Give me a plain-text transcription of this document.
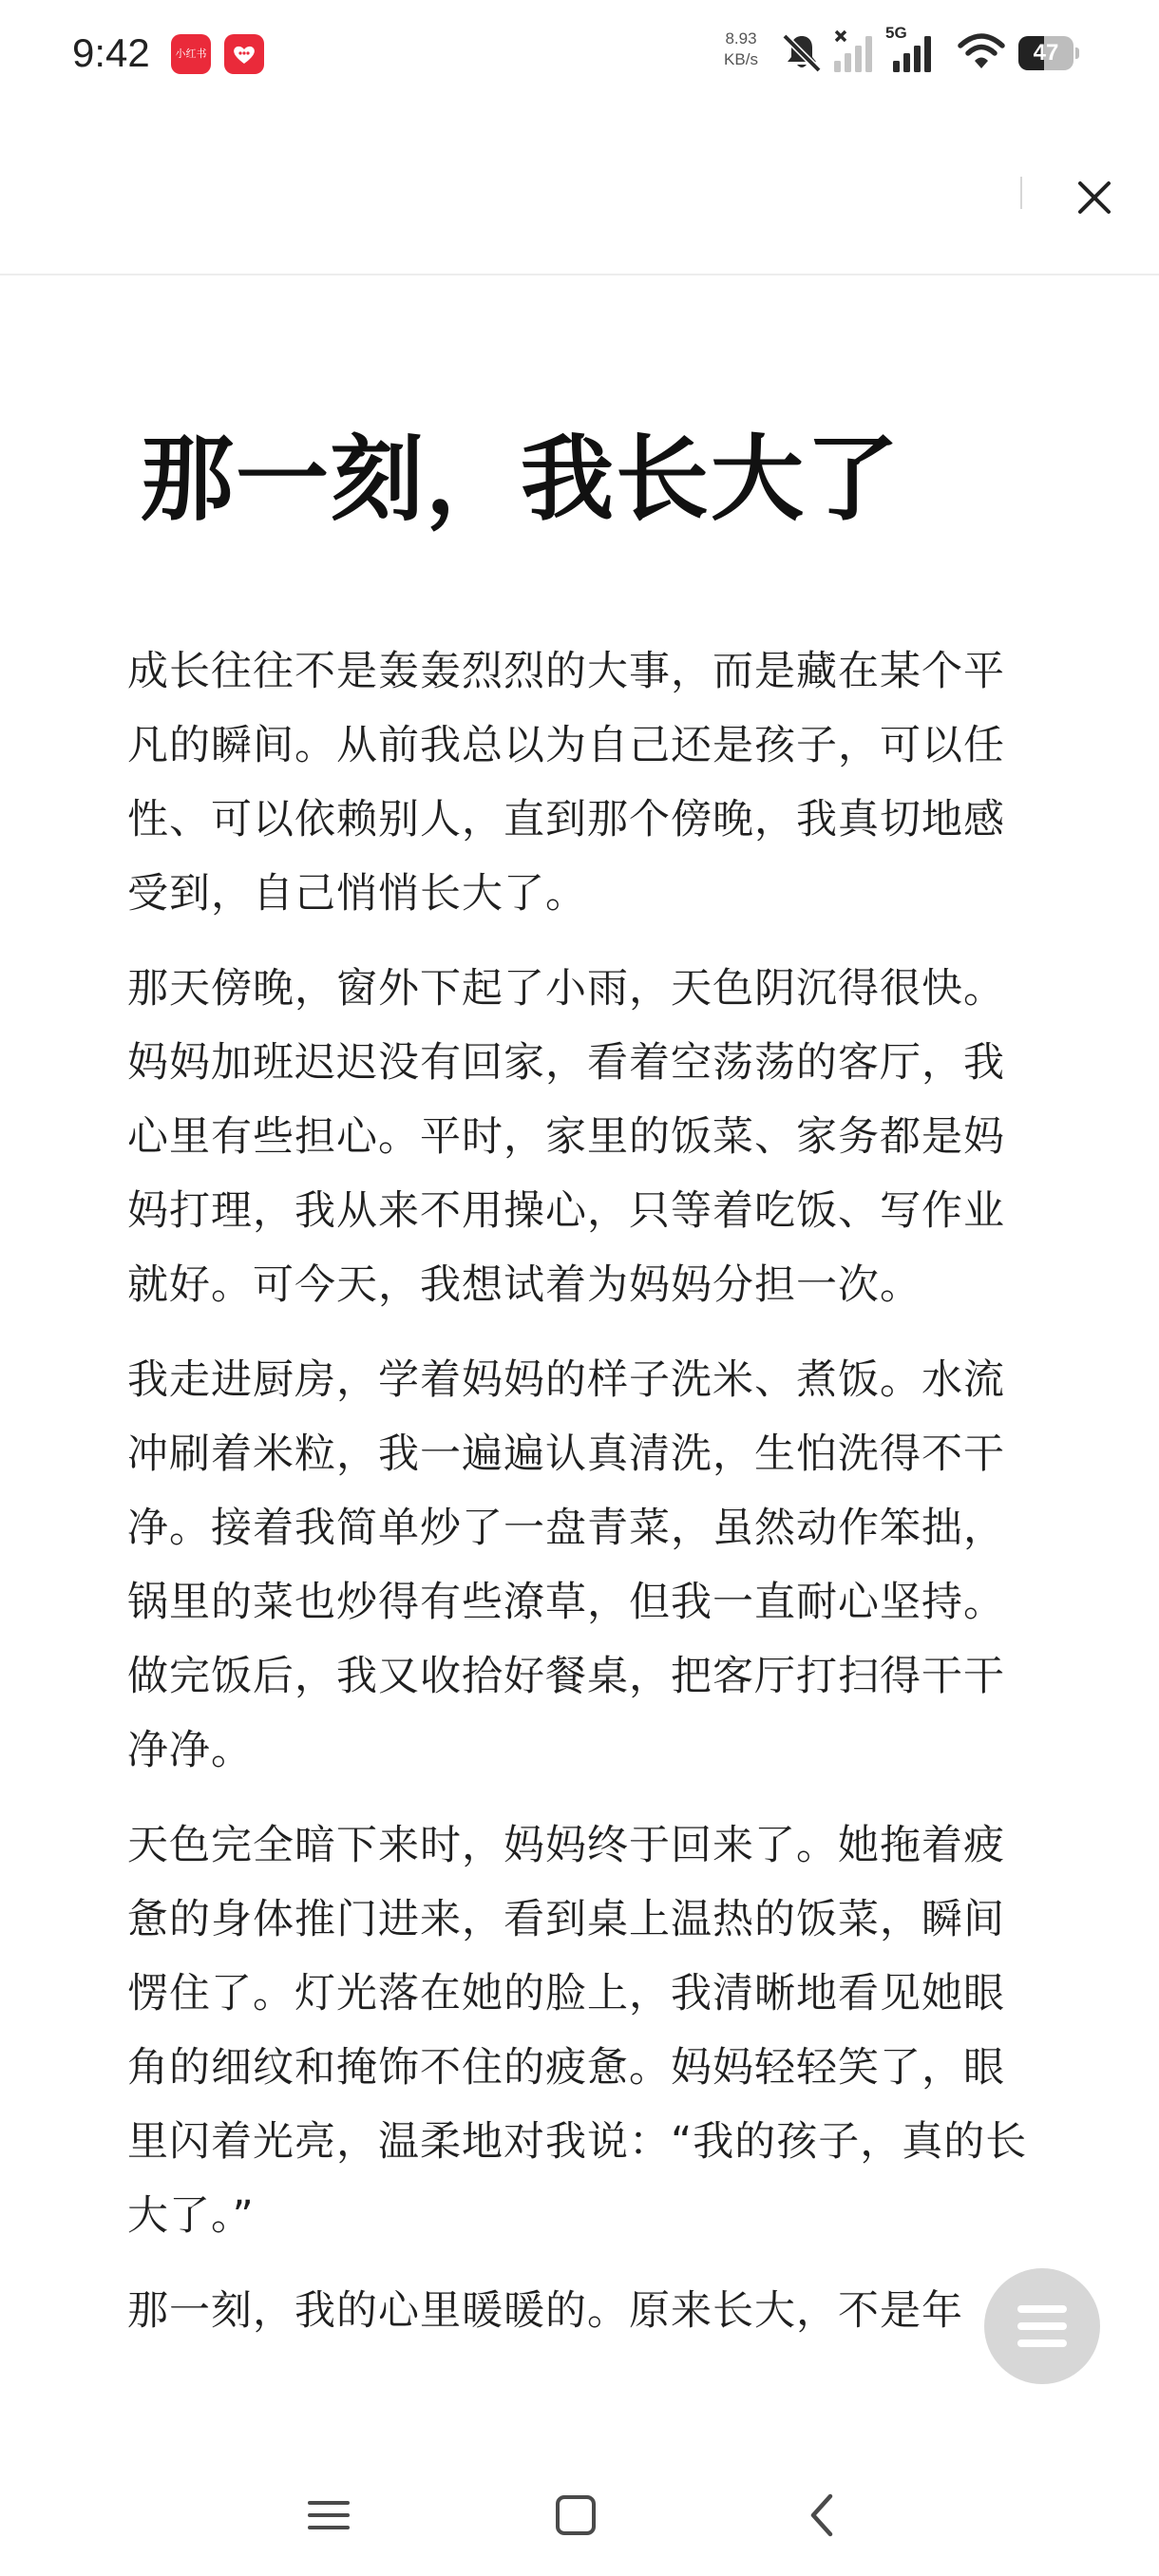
9:42	小红书
8.93
KB/s
5G
47
那一刻，我长大了

成长往往不是轰轰烈烈的大事，而是藏在某个平凡的瞬间。从前我总以为自己还是孩子，可以任性、可以依赖别人，直到那个傍晚，我真切地感受到，自己悄悄长大了。

那天傍晚，窗外下起了小雨，天色阴沉得很快。妈妈加班迟迟没有回家，看着空荡荡的客厅，我心里有些担心。平时，家里的饭菜、家务都是妈妈打理，我从来不用操心，只等着吃饭、写作业就好。可今天，我想试着为妈妈分担一次。

我走进厨房，学着妈妈的样子洗米、煮饭。水流冲刷着米粒，我一遍遍认真清洗，生怕洗得不干净。接着我简单炒了一盘青菜，虽然动作笨拙，锅里的菜也炒得有些潦草，但我一直耐心坚持。做完饭后，我又收拾好餐桌，把客厅打扫得干干净净。

天色完全暗下来时，妈妈终于回来了。她拖着疲惫的身体推门进来，看到桌上温热的饭菜，瞬间愣住了。灯光落在她的脸上，我清晰地看见她眼角的细纹和掩饰不住的疲惫。妈妈轻轻笑了，眼里闪着光亮，温柔地对我说：“我的孩子，真的长大了。”

那一刻，我的心里暖暖的。原来长大，不是年
